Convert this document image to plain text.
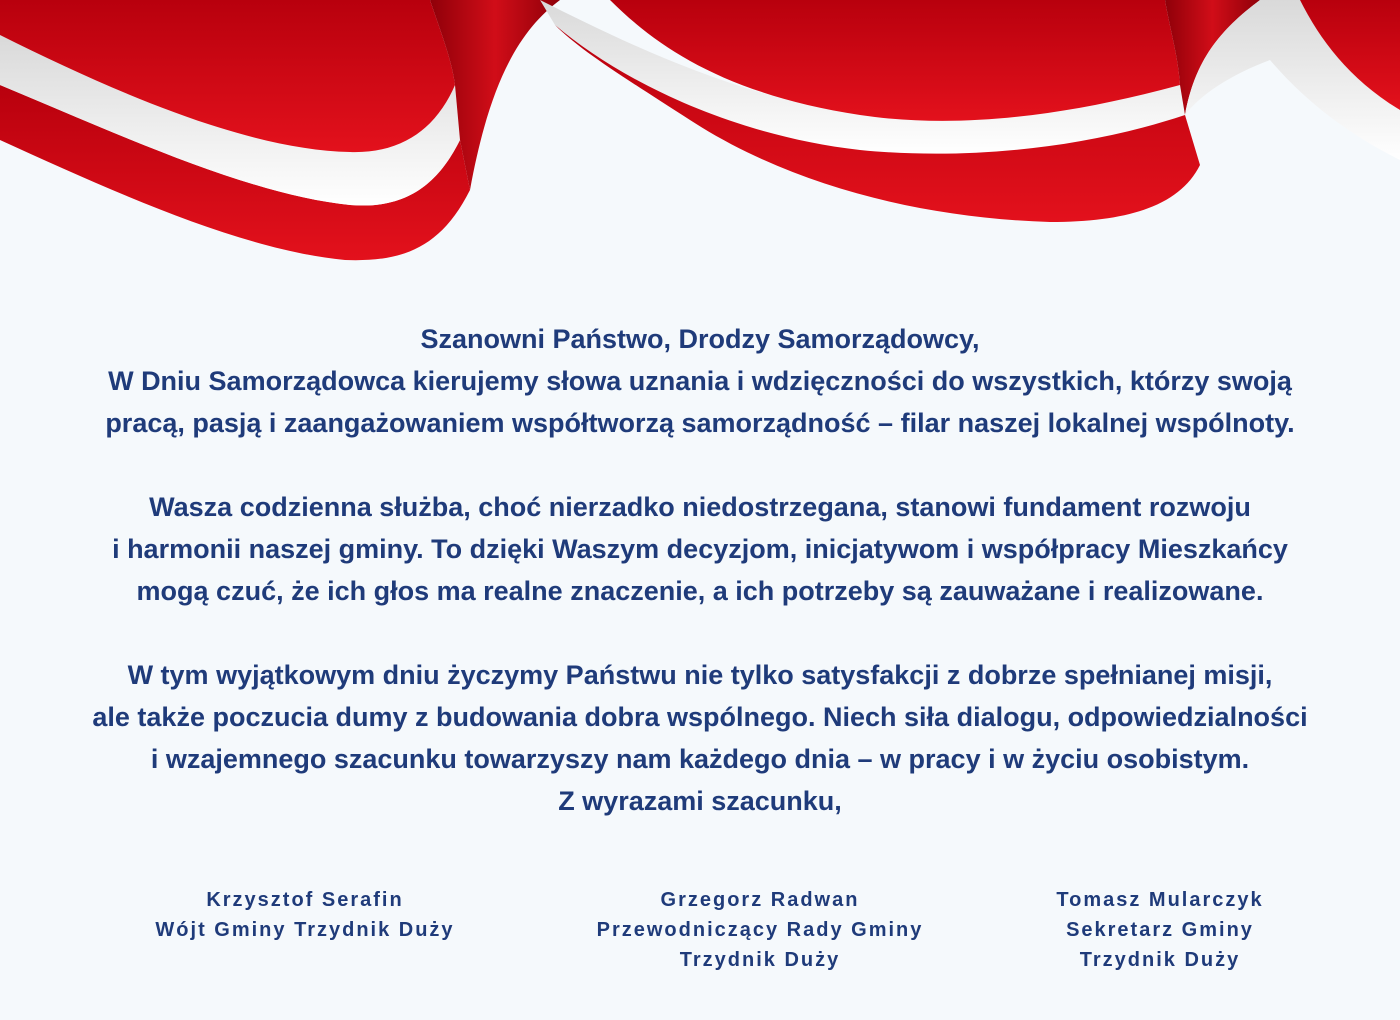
Szanowni Państwo, Drodzy Samorządowcy,

W Dniu Samorządowca kierujemy słowa uznania i wdzięczności do wszystkich, którzy swoją

pracą, pasją i zaangażowaniem współtworzą samorządność – filar naszej lokalnej wspólnoty.

Wasza codzienna służba, choć nierzadko niedostrzegana, stanowi fundament rozwoju

i harmonii naszej gminy. To dzięki Waszym decyzjom, inicjatywom i współpracy Mieszkańcy

mogą czuć, że ich głos ma realne znaczenie, a ich potrzeby są zauważane i realizowane.

W tym wyjątkowym dniu życzymy Państwu nie tylko satysfakcji z dobrze spełnianej misji,

ale także poczucia dumy z budowania dobra wspólnego. Niech siła dialogu, odpowiedzialności

i wzajemnego szacunku towarzyszy nam każdego dnia – w pracy i w życiu osobistym.

Z wyrazami szacunku,

Krzysztof Serafin
Wójt Gminy Trzydnik Duży
Grzegorz Radwan
Przewodniczący Rady Gminy
Trzydnik Duży
Tomasz Mularczyk
Sekretarz Gminy
Trzydnik Duży
